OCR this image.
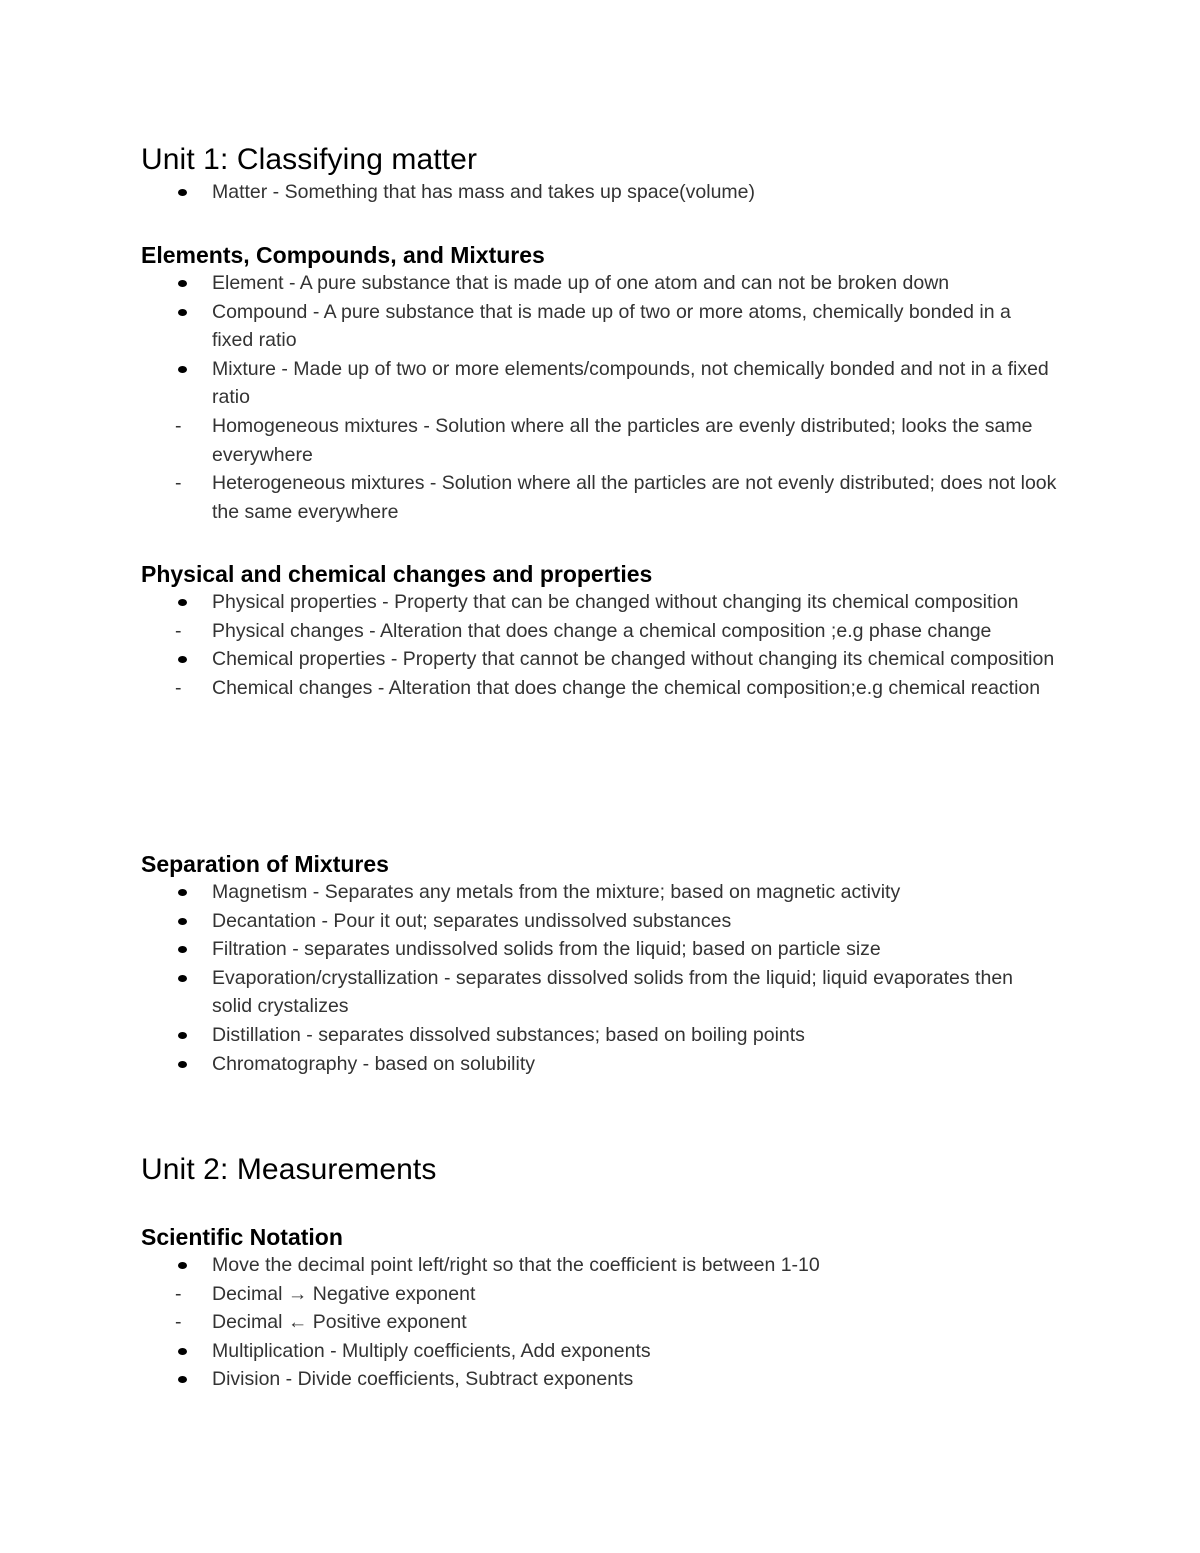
Unit 1: Classifying matter
Matter - Something that has mass and takes up space(volume)
Elements, Compounds, and Mixtures
Element - A pure substance that is made up of one atom and can not be broken down
Compound - A pure substance that is made up of two or more atoms, chemically bonded in a fixed ratio
Mixture - Made up of two or more elements/compounds, not chemically bonded and not in a fixed ratio
-
Homogeneous mixtures - Solution where all the particles are evenly distributed; looks the same everywhere
-
Heterogeneous mixtures - Solution where all the particles are not evenly distributed; does not look the same everywhere
Physical and chemical changes and properties
Physical properties - Property that can be changed without changing its chemical composition
-
Physical changes - Alteration that does change a chemical composition ;e.g phase change
Chemical properties - Property that cannot be changed without changing its chemical composition
-
Chemical changes - Alteration that does change the chemical composition;e.g chemical reaction
Separation of Mixtures
Magnetism - Separates any metals from the mixture; based on magnetic activity
Decantation - Pour it out; separates undissolved substances
Filtration - separates undissolved solids from the liquid; based on particle size
Evaporation/crystallization - separates dissolved solids from the liquid; liquid evaporates then solid crystalizes
Distillation - separates dissolved substances; based on boiling points
Chromatography - based on solubility
Unit 2: Measurements
Scientific Notation
Move the decimal point left/right so that the coefficient is between 1-10
-
Decimal → Negative exponent
-
Decimal ← Positive exponent
Multiplication - Multiply coefficients, Add exponents
Division - Divide coefficients, Subtract exponents
